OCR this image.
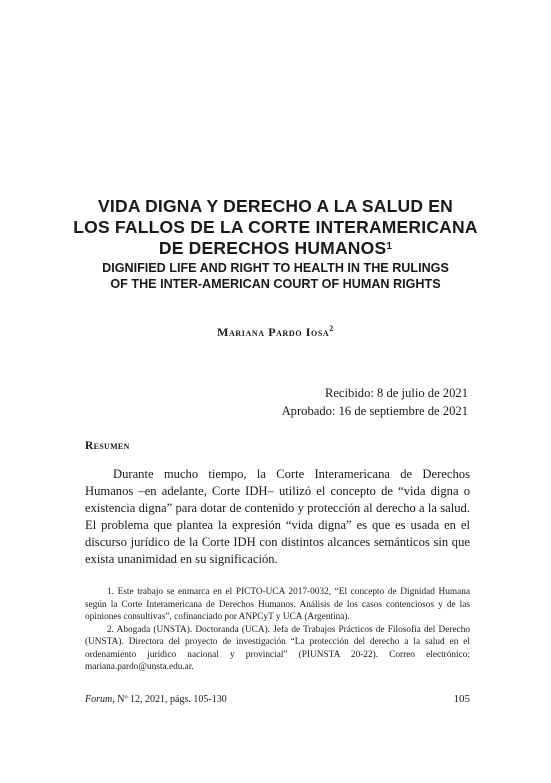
VIDA DIGNA Y DERECHO A LA SALUD EN
LOS FALLOS DE LA CORTE INTERAMERICANA
DE DERECHOS HUMANOS$^1$
DIGNIFIED LIFE AND RIGHT TO HEALTH IN THE RULINGS
OF THE INTER-AMERICAN COURT OF HUMAN RIGHTS
Mariana Pardo Iosa$^2$
Recibido: 8 de julio de 2021
Aprobado: 16 de septiembre de 2021
Resumen

Durante mucho tiempo, la Corte Interamericana de Derechos Humanos –en adelante, Corte IDH– utilizó el concepto de “vida digna o existencia digna” para dotar de contenido y protección al derecho a la salud. El problema que plantea la expresión “vida digna” es que es usada en el discurso jurídico de la Corte IDH con distintos alcances semánticos sin que exista unanimidad en su significación.

1. Este trabajo se enmarca en el PICTO-UCA 2017-0032, “El concepto de Dignidad Humana según la Corte Interamericana de Derechos Humanos. Análisis de los casos contenciosos y de las opiniones consultivas”, cofinanciado por ANPCyT y UCA (Argentina).

2. Abogada (UNSTA). Doctoranda (UCA). Jefa de Trabajos Prácticos de Filosofía del Derecho (UNSTA). Directora del proyecto de investigación “La protección del derecho a la salud en el ordenamiento jurídico nacional y provincial” (PIUNSTA 20-22). Correo electrónico: mariana.pardo@unsta.edu.ar.

Forum, Nº 12, 2021, págs. 105-130	105
